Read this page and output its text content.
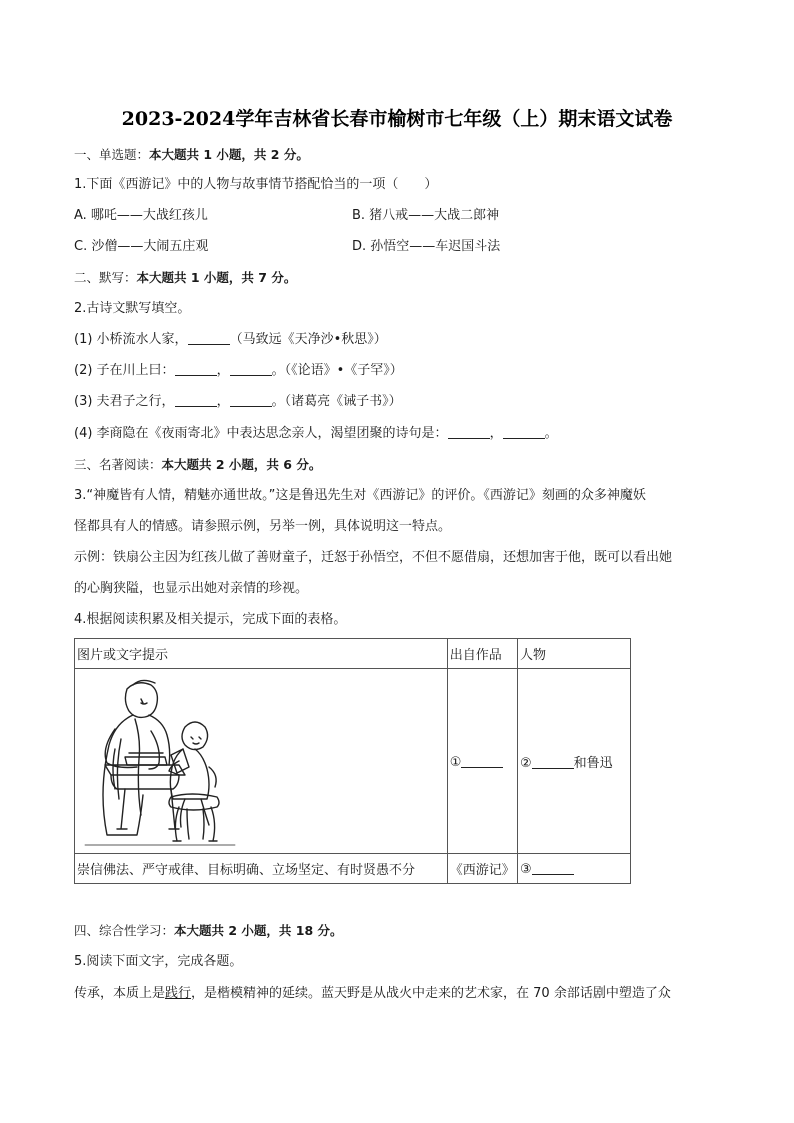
2023-2024学年吉林省长春市榆树市七年级（上）期末语文试卷
一、单选题：本大题共 1 小题，共 2 分。
1.下面《西游记》中的人物与故事情节搭配恰当的一项（　　）
A. 哪吒——大战红孩儿	B. 猪八戒——大战二郎神
C. 沙僧——大闹五庄观	D. 孙悟空——车迟国斗法
二、默写：本大题共 1 小题，共 7 分。
2.古诗文默写填空。
(1) 小桥流水人家，	（马致远《天净沙•秋思》）
(2) 子在川上曰：	，	。（《论语》•《子罕》）
(3) 夫君子之行，	，	。（诸葛亮《诫子书》）
(4) 李商隐在《夜雨寄北》中表达思念亲人，渴望团聚的诗句是：	，	。
三、名著阅读：本大题共 2 小题，共 6 分。
3.“神魔皆有人情，精魅亦通世故。”这是鲁迅先生对《西游记》的评价。《西游记》刻画的众多神魔妖
怪都具有人的情感。请参照示例，另举一例，具体说明这一特点。
示例：铁扇公主因为红孩儿做了善财童子，迁怒于孙悟空，不但不愿借扇，还想加害于他，既可以看出她
的心胸狭隘，也显示出她对亲情的珍视。
4.根据阅读积累及相关提示，完成下面的表格。
图片或文字提示	出自作品	人物

	①	② 和鲁迅
崇信佛法、严守戒律、目标明确、立场坚定、有时贤愚不分	《西游记》	③
四、综合性学习：本大题共 2 小题，共 18 分。
5.阅读下面文字，完成各题。
传承，本质上是践行，是楷模精神的延续。蓝天野是从战火中走来的艺术家，在 70 余部话剧中塑造了众
